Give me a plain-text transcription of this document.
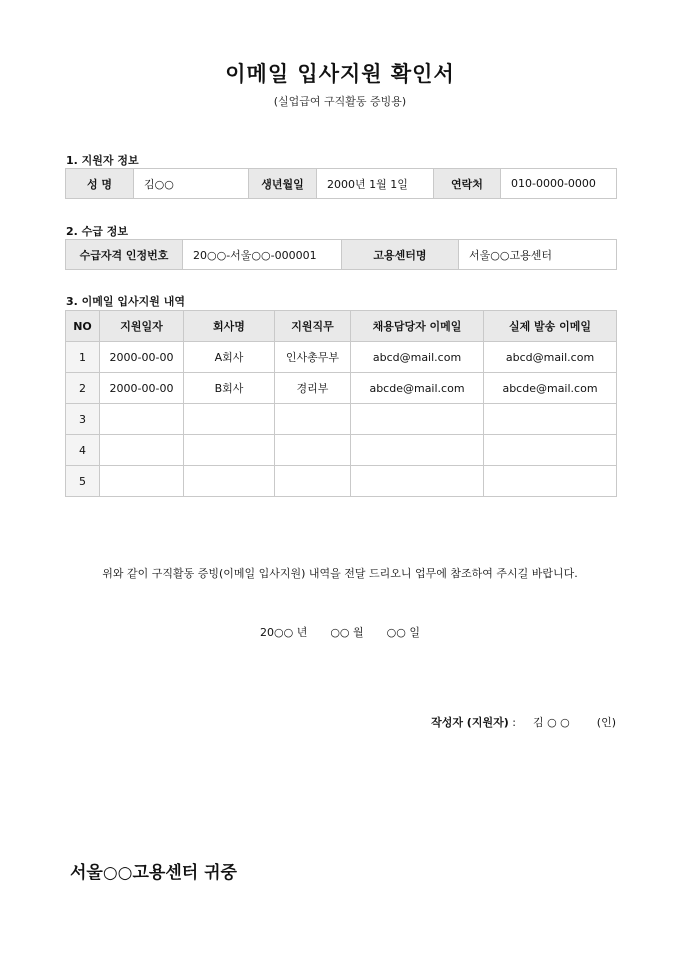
이메일 입사지원 확인서
(실업급여 구직활동 증빙용)
1. 지원자 정보
성 명	김○○	생년월일	2000년 1월 1일	연락처	010-0000-0000
2. 수급 정보
수급자격 인정번호	20○○-서울○○-000001	고용센터명	서울○○고용센터
3. 이메일 입사지원 내역
NO	지원일자	회사명	지원직무	채용담당자 이메일	실제 발송 이메일
1	2000-00-00	A회사	인사총무부	abcd@mail.com	abcd@mail.com
2	2000-00-00	B회사	경리부	abcde@mail.com	abcde@mail.com
3					
4					
5					
위와 같이 구직활동 증빙(이메일 입사지원) 내역을 전달 드리오니 업무에 참조하여 주시길 바랍니다.
20○○ 년 ○○ 월 ○○ 일
작성자 (지원자) : 김 ○ ○ (인)
서울○○고용센터 귀중
